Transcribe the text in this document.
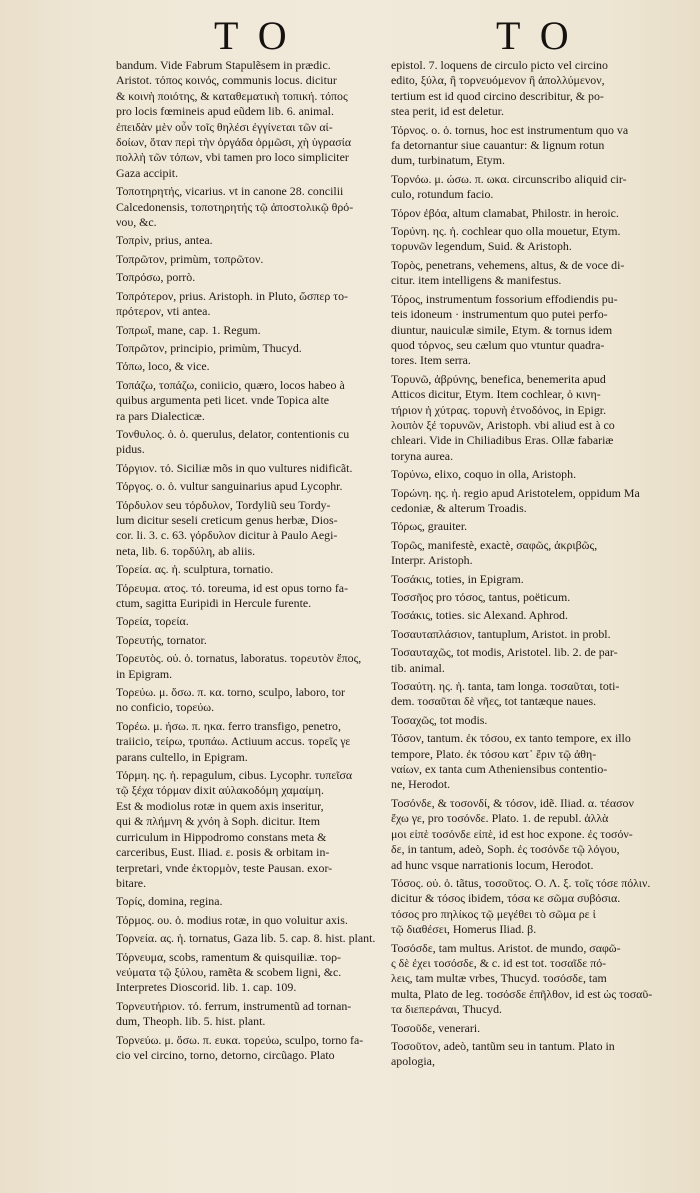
T O	T O
bandum. Vide Fabrum Stapulẽsem in prædic.
Aristot. τόπος κοινός, communis locus. dicitur
& κοινὴ ποιότης, & καταθεματικὴ τοπική. τόπος
pro locis fœmineis apud eũdem lib. 6. animal.
ἐπειδὰν μὲν οὖν τοῖς θηλέσι ἐγγίνεται τῶν αἰ-
δοίων, ὅταν περὶ τὴν ὀργάδα ὁρμῶσι, χὴ ὑγρασία
πολλὴ τῶν τόπων, vbi tamen pro loco simpliciter
Gaza accipit.
Τοποτηρητής, vicarius. vt in canone 28. concilii
Calcedonensis, τοποτηρητής τῷ ἀποστολικῷ θρό-
νου, &c.
Τοπρὶν, prius, antea.
Τοπρῶτον, primùm, τοπρῶτον.
Τοπρόσω, porrò.
Τοπρότερον, prius. Aristoph. in Pluto, ὥσπερ το-
πρότερον, vti antea.
Τοπρωΐ, mane, cap. 1. Regum.
Τοπρῶτον, principio, primùm, Thucyd.
Τόπω, loco, & vice.
Τοπάζω, τοπάζω, coniicio, quæro, locos habeo à
quibus argumenta peti licet. vnde Topica alte
ra pars Dialecticæ.
Τονθυλος. ὁ. ὁ. querulus, delator, contentionis cu
pidus.
Τόργιον. τό. Siciliæ mõs in quo vultures nidificãt.
Τόργος. ο. ὁ. vultur sanguinarius apud Lycophr.
Τόρδυλον seu τόρδυλον, Tordyliũ seu Tordy-
lum dicitur seseli creticum genus herbæ, Dios-
cor. li. 3. c. 63. γόρδυλον dicitur à Paulo Aegi-
neta, lib. 6. τορδύλη, ab aliis.
Τορεία. ας. ἡ. sculptura, tornatio.
Τόρευμα. ατος. τό. toreuma, id est opus torno fa-
ctum, sagitta Euripidi in Hercule furente.
Τορεία, τορεία.
Τορευτής, tornator.
Τορευτὸς. οὐ. ὁ. tornatus, laboratus. τορευτὸν ἔπος,
in Epigram.
Τορεύω. μ. ὄσω. π. κα. torno, sculpo, laboro, tor
no conficio, τορεύω.
Τορέω. μ. ήσω. π. ηκα. ferro transfigo, penetro,
traiicio, τείρω, τρυπάω. Actiuum accus. τορεῖς γε
parans cultello, in Epigram.
Τόρμη. ης. ἡ. repagulum, cibus. Lycophr. τυπεῖσα
τῷ ξέχα τόρμαν dixit αὐλακοδόμη χαμαίμη.
Est & modiolus rotæ in quem axis inseritur,
qui & πλήμνη & χνόη à Soph. dicitur. Item
curriculum in Hippodromo constans meta &
carceribus, Eust. Iliad. ε. posis & orbitam in-
terpretari, vnde ἐκτορμὸν, teste Pausan. exor-
bitare.
Τορίς, domina, regina.
Τόρμος. ου. ὁ. modius rotæ, in quo voluitur axis.
Τορνεία. ας. ἡ. tornatus, Gaza lib. 5. cap. 8. hist. plant.
Τόρνευμα, scobs, ramentum & quisquiliæ. τορ-
νεύματα τῷ ξύλου, ramẽta & scobem ligni, &c.
Interpretes Dioscorid. lib. 1. cap. 109.
Τορνευτήριον. τό. ferrum, instrumentũ ad tornan-
dum, Theoph. lib. 5. hist. plant.
Τορνεύω. μ. ὄσω. π. ευκα. τορεύω, sculpo, torno fa-
cio vel circino, torno, detorno, circũago. Plato
epistol. 7. loquens de circulo picto vel circino
edito, ξύλα, ἢ τορνευόμενον ἢ ἀπολλύμενον,
tertium est id quod circino describitur, & po-
stea perit, id est deletur.
Τόρνος. ο. ὁ. tornus, hoc est instrumentum quo va
fa detornantur siue cauantur: & lignum rotun
dum, turbinatum, Etym.
Τορνόω. μ. ώσω. π. ωκα. circunscribo aliquid cir-
culo, rotundum facio.
Τόρον ἐβόα, altum clamabat, Philostr. in heroic.
Τορύνη. ης. ἡ. cochlear quo olla mouetur, Etym.
τορυνῶν legendum, Suid. & Aristoph.
Τορὸς, penetrans, vehemens, altus, & de voce di-
citur. item intelligens & manifestus.
Τόρος, instrumentum fossorium effodiendis pu-
teis idoneum · instrumentum quo putei perfo-
diuntur, nauiculæ simile, Etym. & tornus idem
quod τόρνος, seu cælum quo vtuntur quadra-
tores. Item serra.
Τορυνῶ, ἀβρύνης, benefica, benemerita apud
Atticos dicitur, Etym. Item cochlear, ὁ κινη-
τήριον ἡ χύτρας. τορυνὴ ἐτνοδόνος, in Epigr.
λοιπὸν ξέ τορυνῶν, Aristoph. vbi aliud est à co
chleari. Vide in Chiliadibus Eras. Ollæ fabariæ
toryna aurea.
Τορύνω, elixo, coquo in olla, Aristoph.
Τορώνη. ης. ἡ. regio apud Aristotelem, oppidum Ma
cedoniæ, & alterum Troadis.
Τόρως, grauiter.
Τορῶς, manifestè, exactè, σαφῶς, ἀκριβῶς,
Interpr. Aristoph.
Τοσάκις, toties, in Epigram.
Τοσσῆος pro τόσος, tantus, poëticum.
Τοσάκις, toties. sic Alexand. Aphrod.
Τοσαυταπλάσιον, tantuplum, Aristot. in probl.
Τοσαυταχῶς, tot modis, Aristotel. lib. 2. de par-
tib. animal.
Τοσαύτη. ης. ἡ. tanta, tam longa. τοσαῦται, toti-
dem. τοσαῦται δὲ νῆες, tot tantæque naues.
Τοσαχῶς, tot modis.
Τόσον, tantum. ἐκ τόσου, ex tanto tempore, ex illo
tempore, Plato. ἐκ τόσου κατ᾽ ἔριν τῷ ἀθη-
ναίων, ex tanta cum Atheniensibus contentio-
ne, Herodot.
Τοσόνδε, & τοσονδί, & τόσον, idẽ. Iliad. α. τέασον
ἔχω γε, pro τοσόνδε. Plato. 1. de republ. ἀλλὰ
μοι εἰπὲ τοσόνδε εἰπὲ, id est hoc expone. ἐς τοσόν-
δε, in tantum, adeò, Soph. ἐς τοσόνδε τῷ λόγου,
ad hunc vsque narrationis locum, Herodot.
Τόσος. οὐ. ὁ. tãtus, τοσοῦτος. Ο. Λ. ξ. τοῖς τόσε πόλιν.
dicitur & τόσος ibidem, τόσα κε σῶμα συβόσια.
τόσος pro πηλίκος τῷ μεγέθει τὸ σῶμα ρε ἰ
τῷ διαθέσει, Homerus Iliad. β.
Τοσόσδε, tam multus. Aristot. de mundo, σαφῶ-
ς δὲ ἐχει τοσόσδε, & c. id est tot. τοσαῖδε πό-
λεις, tam multæ vrbes, Thucyd. τοσόσδε, tam
multa, Plato de leg. τοσόσδε ἐπῆλθον, id est ὡς τοσαῦ-
τα διεπεράναι, Thucyd.
Τοσοῦδε, venerari.
Τοσοῦτον, adeò, tantũm seu in tantum. Plato in
apologia,
